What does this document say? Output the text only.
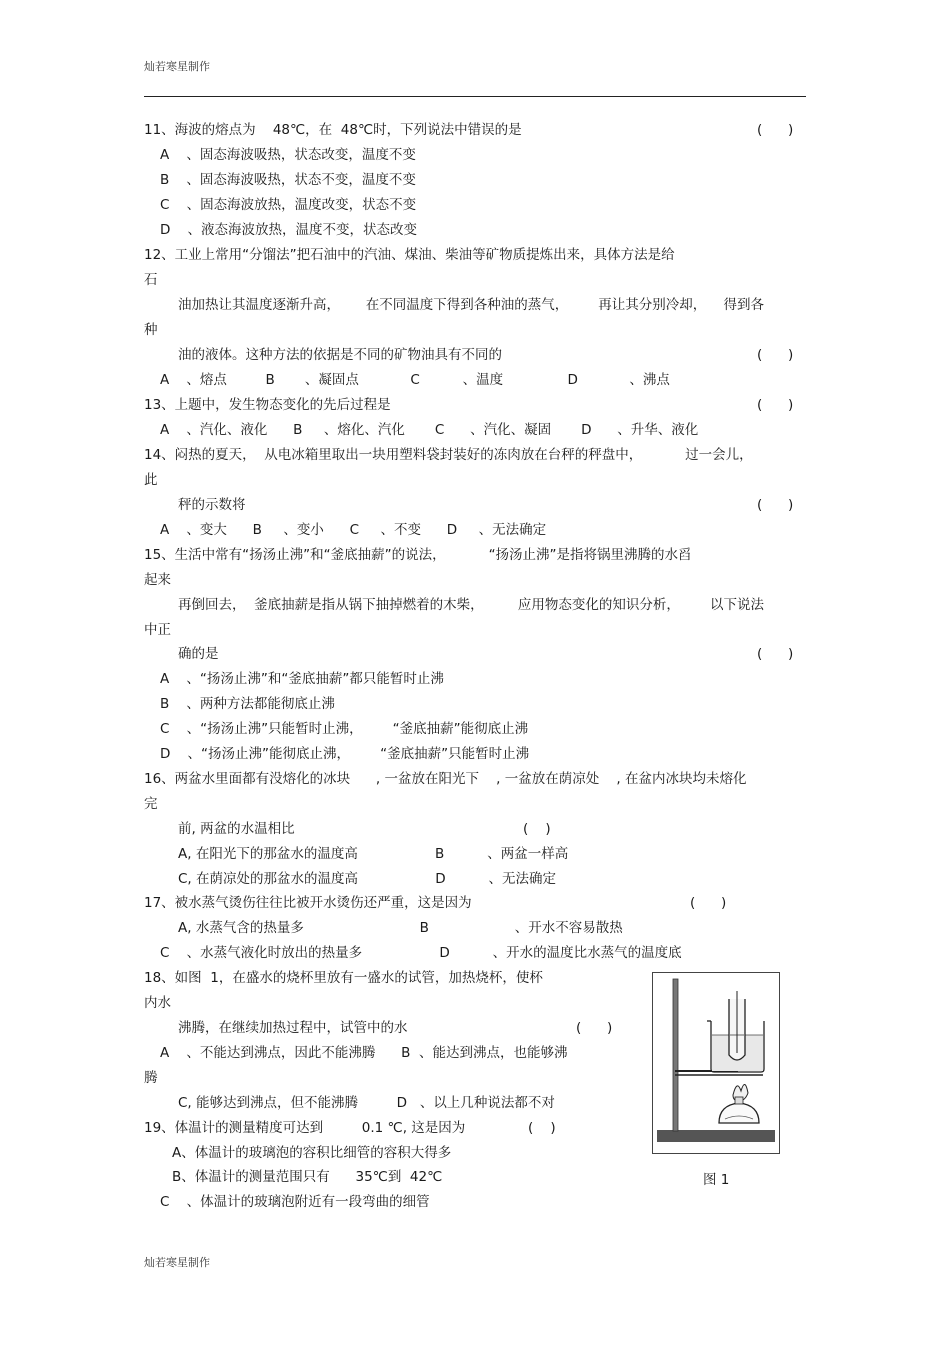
灿若寒星制作
11、海波的熔点为    48℃，在  48℃时，下列说法中错误的是
A    、固态海波吸热，状态改变，温度不变
B    、固态海波吸热，状态不变，温度不变
C    、固态海波放热，温度改变，状态不变
D    、液态海波放热，温度不变，状态改变
12、工业上常用“分馏法”把石油中的汽油、煤油、柴油等矿物质提炼出来，具体方法是给
石
油加热让其温度逐渐升高，      在不同温度下得到各种油的蒸气，       再让其分别冷却，    得到各
种
油的液体。这种方法的依据是不同的矿物油具有不同的
A    、熔点         B       、凝固点            C          、温度               D            、沸点
13、上题中，发生物态变化的先后过程是
A    、汽化、液化      B     、熔化、汽化       C      、汽化、凝固       D      、升华、液化
14、闷热的夏天，  从电冰箱里取出一块用塑料袋封装好的冻肉放在台秤的秤盘中，          过一会儿，
此
秤的示数将
A    、变大      B     、变小      C     、不变      D     、无法确定
15、生活中常有“扬汤止沸”和“釜底抽薪”的说法，          “扬汤止沸”是指将锅里沸腾的水舀
起来
再倒回去，  釜底抽薪是指从锅下抽掉燃着的木柴，        应用物态变化的知识分析，       以下说法
中正
确的是
A    、“扬汤止沸”和“釜底抽薪”都只能暂时止沸
B    、两种方法都能彻底止沸
C    、“扬汤止沸”只能暂时止沸，       “釜底抽薪”能彻底止沸
D    、“扬汤止沸”能彻底止沸，       “釜底抽薪”只能暂时止沸
16、两盆水里面都有没熔化的冰块      , 一盆放在阳光下    , 一盆放在荫凉处    , 在盆内冰块均未熔化
完
前, 两盆的水温相比
A, 在阳光下的那盆水的温度高                  B          、两盆一样高
C, 在荫凉处的那盆水的温度高                  D          、无法确定
17、被水蒸气烫伤往往比被开水烫伤还严重，这是因为
A, 水蒸气含的热量多                           B                    、开水不容易散热
C    、水蒸气液化时放出的热量多                  D          、开水的温度比水蒸气的温度底
18、如图  1，在盛水的烧杯里放有一盛水的试管，加热烧杯，使杯
内水
沸腾，在继续加热过程中，试管中的水
A    、不能达到沸点，因此不能沸腾      B  、能达到沸点，也能够沸
腾
C, 能够达到沸点，但不能沸腾         D   、以上几种说法都不对
19、体温计的测量精度可达到         0.1 ℃, 这是因为
A、体温计的玻璃泡的容积比细管的容积大得多
B、体温计的测量范围只有      35℃到  42℃
C    、体温计的玻璃泡附近有一段弯曲的细管
(      )
(      )
(      )
(      )
(      )
(    )
(      )
(      )
(    )
图 1
灿若寒星制作
